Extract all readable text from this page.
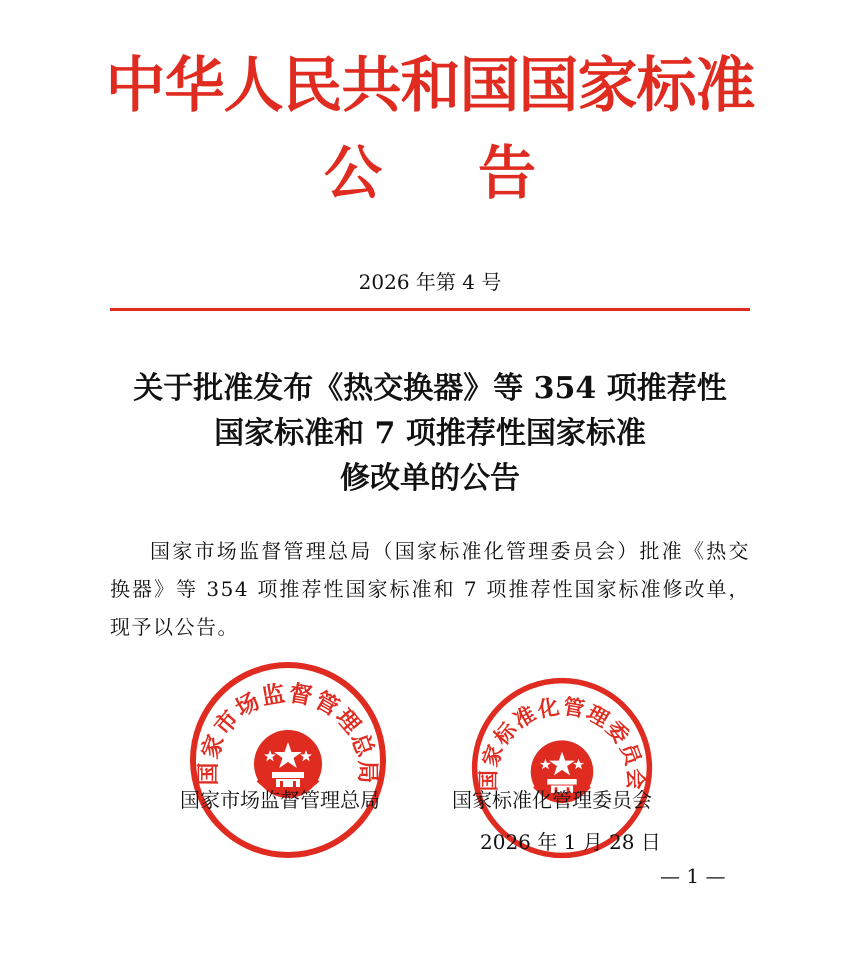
中华人民共和国国家标准
公告
2026 年第 4 号
关于批准发布《热交换器》等 354 项推荐性
国家标准和 7 项推荐性国家标准
修改单的公告

国家市场监督管理总局（国家标准化管理委员会）批准《热交换器》等 354 项推荐性国家标准和 7 项推荐性国家标准修改单，现予以公告。

国家市场监督管理总局	国家标准化管理委员会
国家市场监督管理总局	国家标准化管理委员会
2026 年 1 月 28 日
— 1 —
